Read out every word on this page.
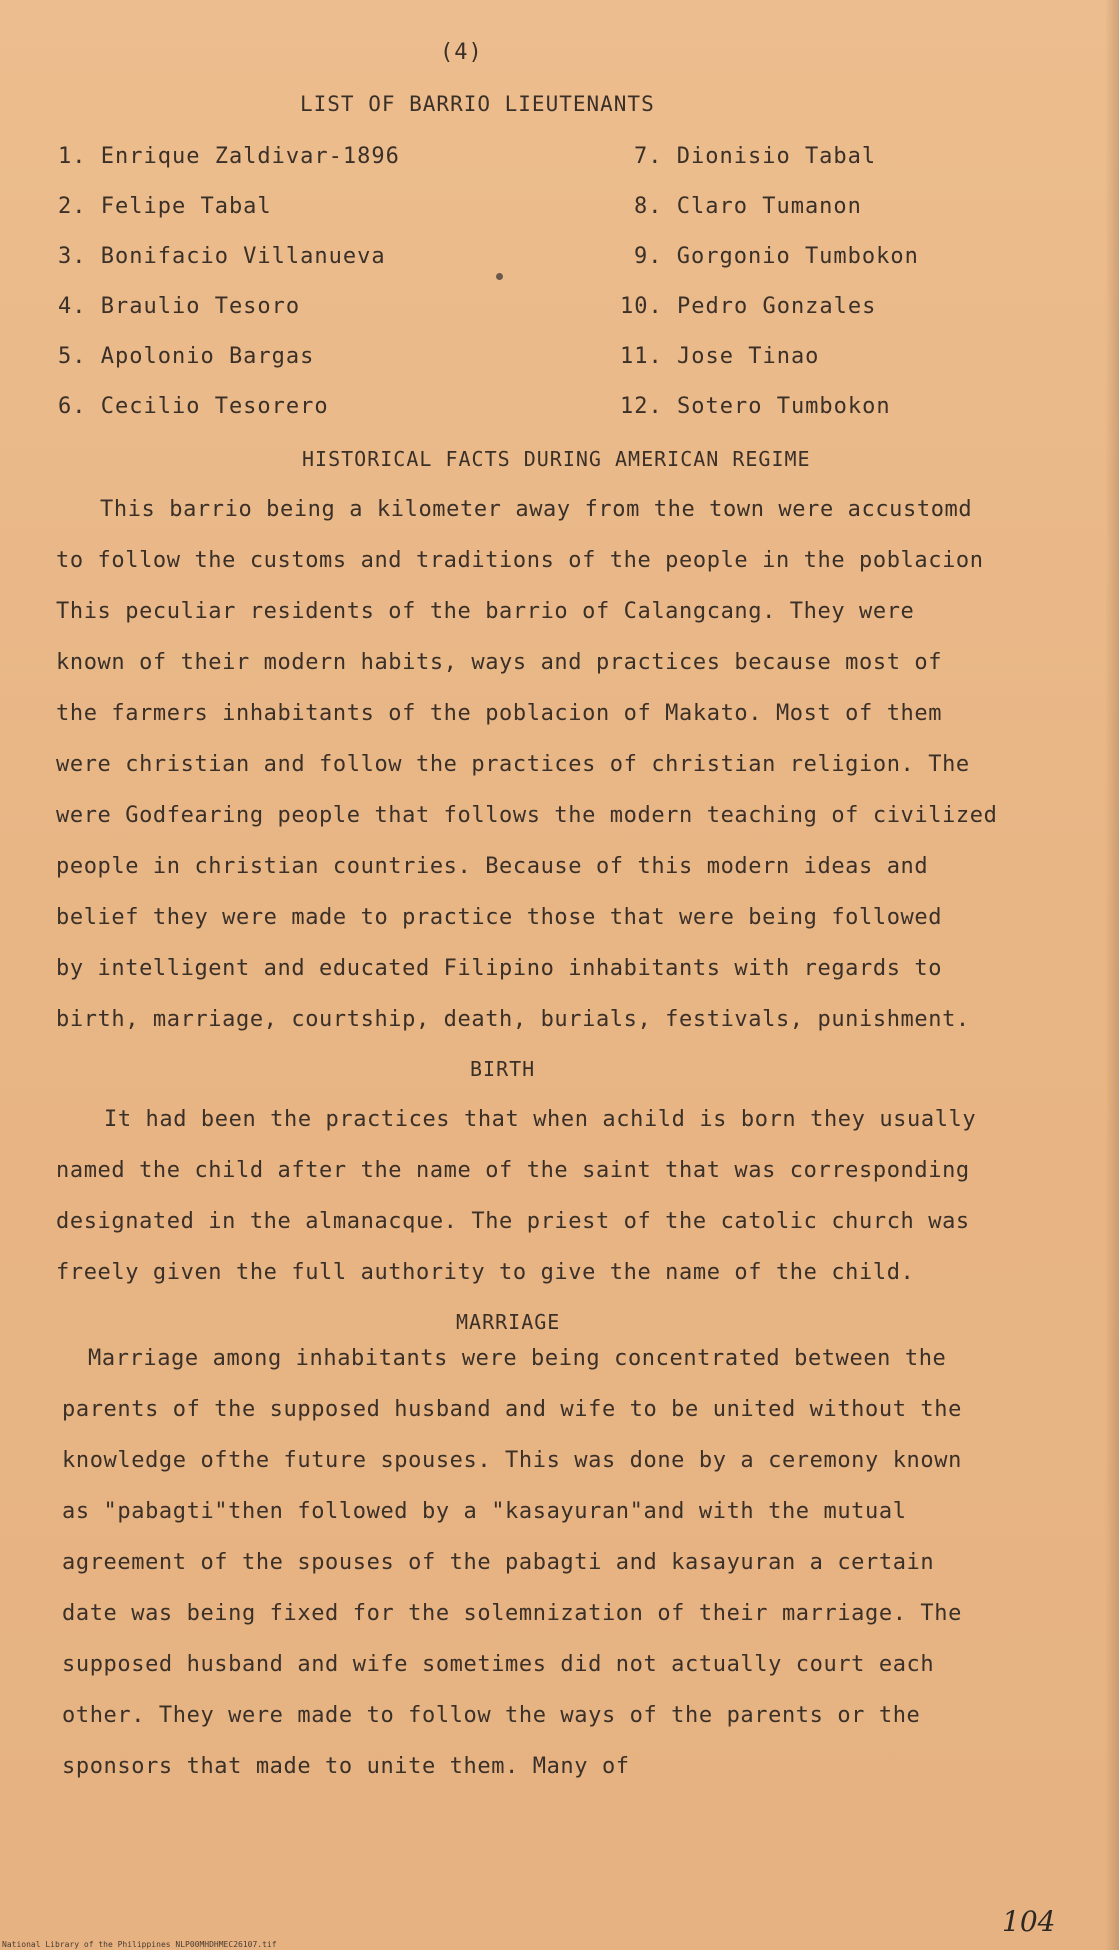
(4)
LIST OF BARRIO LIEUTENANTS
1. Enrique Zaldivar-1896
2. Felipe Tabal
3. Bonifacio Villanueva
4. Braulio Tesoro
5. Apolonio Bargas
6. Cecilio Tesorero
7. Dionisio Tabal
8. Claro Tumanon
9. Gorgonio Tumbokon
10. Pedro Gonzales
11. Jose Tinao
12. Sotero Tumbokon
HISTORICAL FACTS DURING AMERICAN REGIME
This barrio being a kilometer away from the town were accustomd
to follow the customs and traditions of the people in the poblacion
This peculiar residents of the barrio of Calangcang. They were
known of their modern habits, ways and practices because most of
the farmers inhabitants of the poblacion of Makato. Most of them
were christian and follow the practices of christian religion. The
were Godfearing people that follows the modern teaching of civilized
people in christian countries. Because of this modern ideas and
belief they were made to practice those that were being followed
by intelligent and educated Filipino inhabitants with regards to
birth, marriage, courtship, death, burials, festivals, punishment.
BIRTH
It had been the practices that when achild is born they usually
named the child after the name of the saint that was corresponding
designated in the almanacque. The priest of the catolic church was
freely given the full authority to give the name of the child.
MARRIAGE
Marriage among inhabitants were being concentrated between the
parents of the supposed husband and wife to be united without the
knowledge ofthe future spouses. This was done by a ceremony known
as "pabagti"then followed by a "kasayuran"and with the mutual
agreement of the spouses of the pabagti and kasayuran a certain
date was being fixed for the solemnization of their marriage. The
supposed husband and wife sometimes did not actually court each
other. They were made to follow the ways of the parents or the
sponsors that made to unite them. Many of
National Library of the Philippines NLP00MHDHMEC26107.tif
104
